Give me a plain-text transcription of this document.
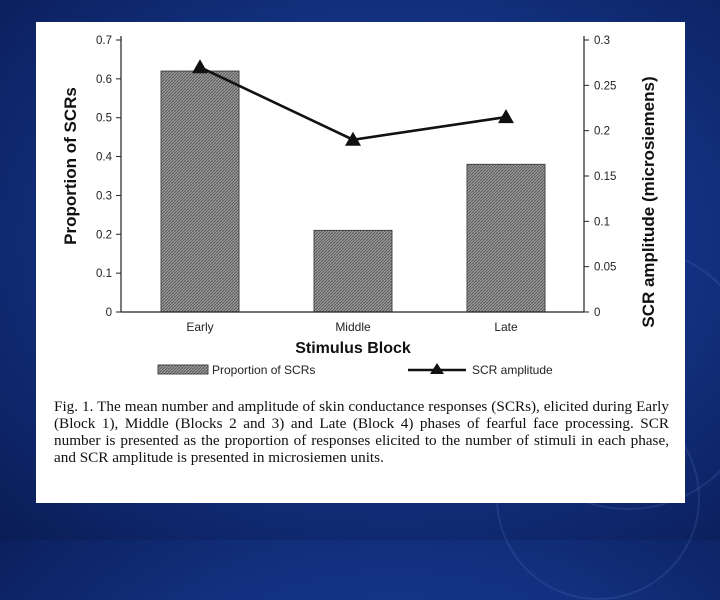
0
0.1
0.2
0.3
0.4
0.5
0.6
0.7
0
0.05
0.1
0.15
0.2
0.25
0.3
Early	Middle	Late
Proportion of SCRs	SCR amplitude
Proportion of SCRs	SCR amplitude (microsiemens)
Stimulus Block
Fig. 1. The mean number and amplitude of skin conductance responses (SCRs), elicited during Early (Block 1), Middle (Blocks 2 and 3) and Late (Block 4) phases of fearful face processing. SCR number is presented as the proportion of responses elicited to the number of stimuli in each phase, and SCR amplitude is presented in microsiemen units.
